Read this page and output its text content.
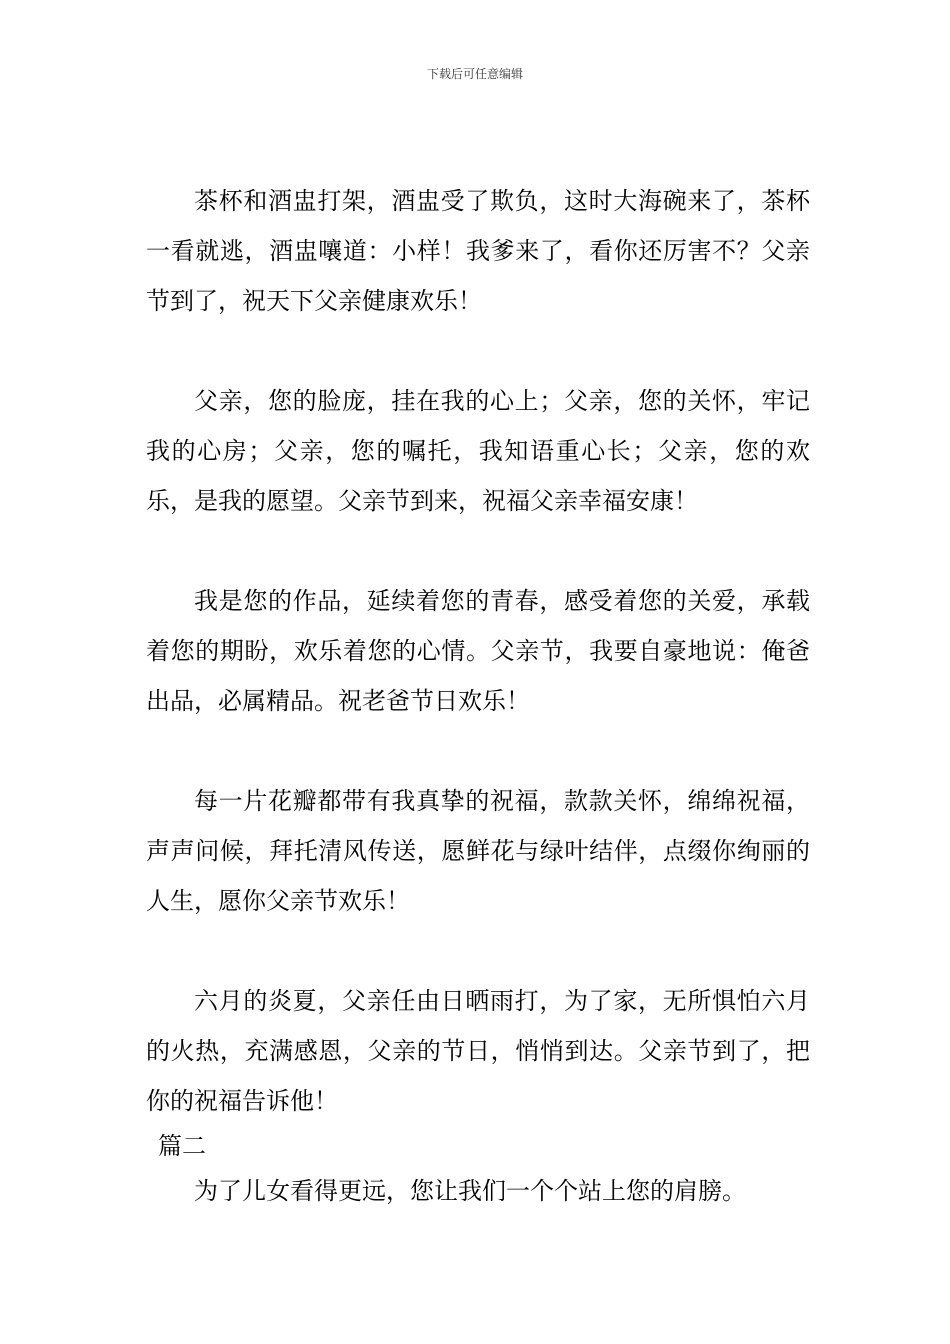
下载后可任意编辑

茶杯和酒盅打架，酒盅受了欺负，这时大海碗来了，茶杯一看就逃，酒盅嚷道：小样！我爹来了，看你还厉害不？父亲节到了，祝天下父亲健康欢乐！

父亲，您的脸庞，挂在我的心上；父亲，您的关怀，牢记我的心房；父亲，您的嘱托，我知语重心长；父亲，您的欢乐，是我的愿望。父亲节到来，祝福父亲幸福安康！

我是您的作品，延续着您的青春，感受着您的关爱，承载着您的期盼，欢乐着您的心情。父亲节，我要自豪地说：俺爸出品，必属精品。祝老爸节日欢乐！

每一片花瓣都带有我真挚的祝福，款款关怀，绵绵祝福，声声问候，拜托清风传送，愿鲜花与绿叶结伴，点缀你绚丽的人生，愿你父亲节欢乐！

六月的炎夏，父亲任由日晒雨打，为了家，无所惧怕六月的火热，充满感恩，父亲的节日，悄悄到达。父亲节到了，把你的祝福告诉他！

篇二

为了儿女看得更远，您让我们一个个站上您的肩膀。
